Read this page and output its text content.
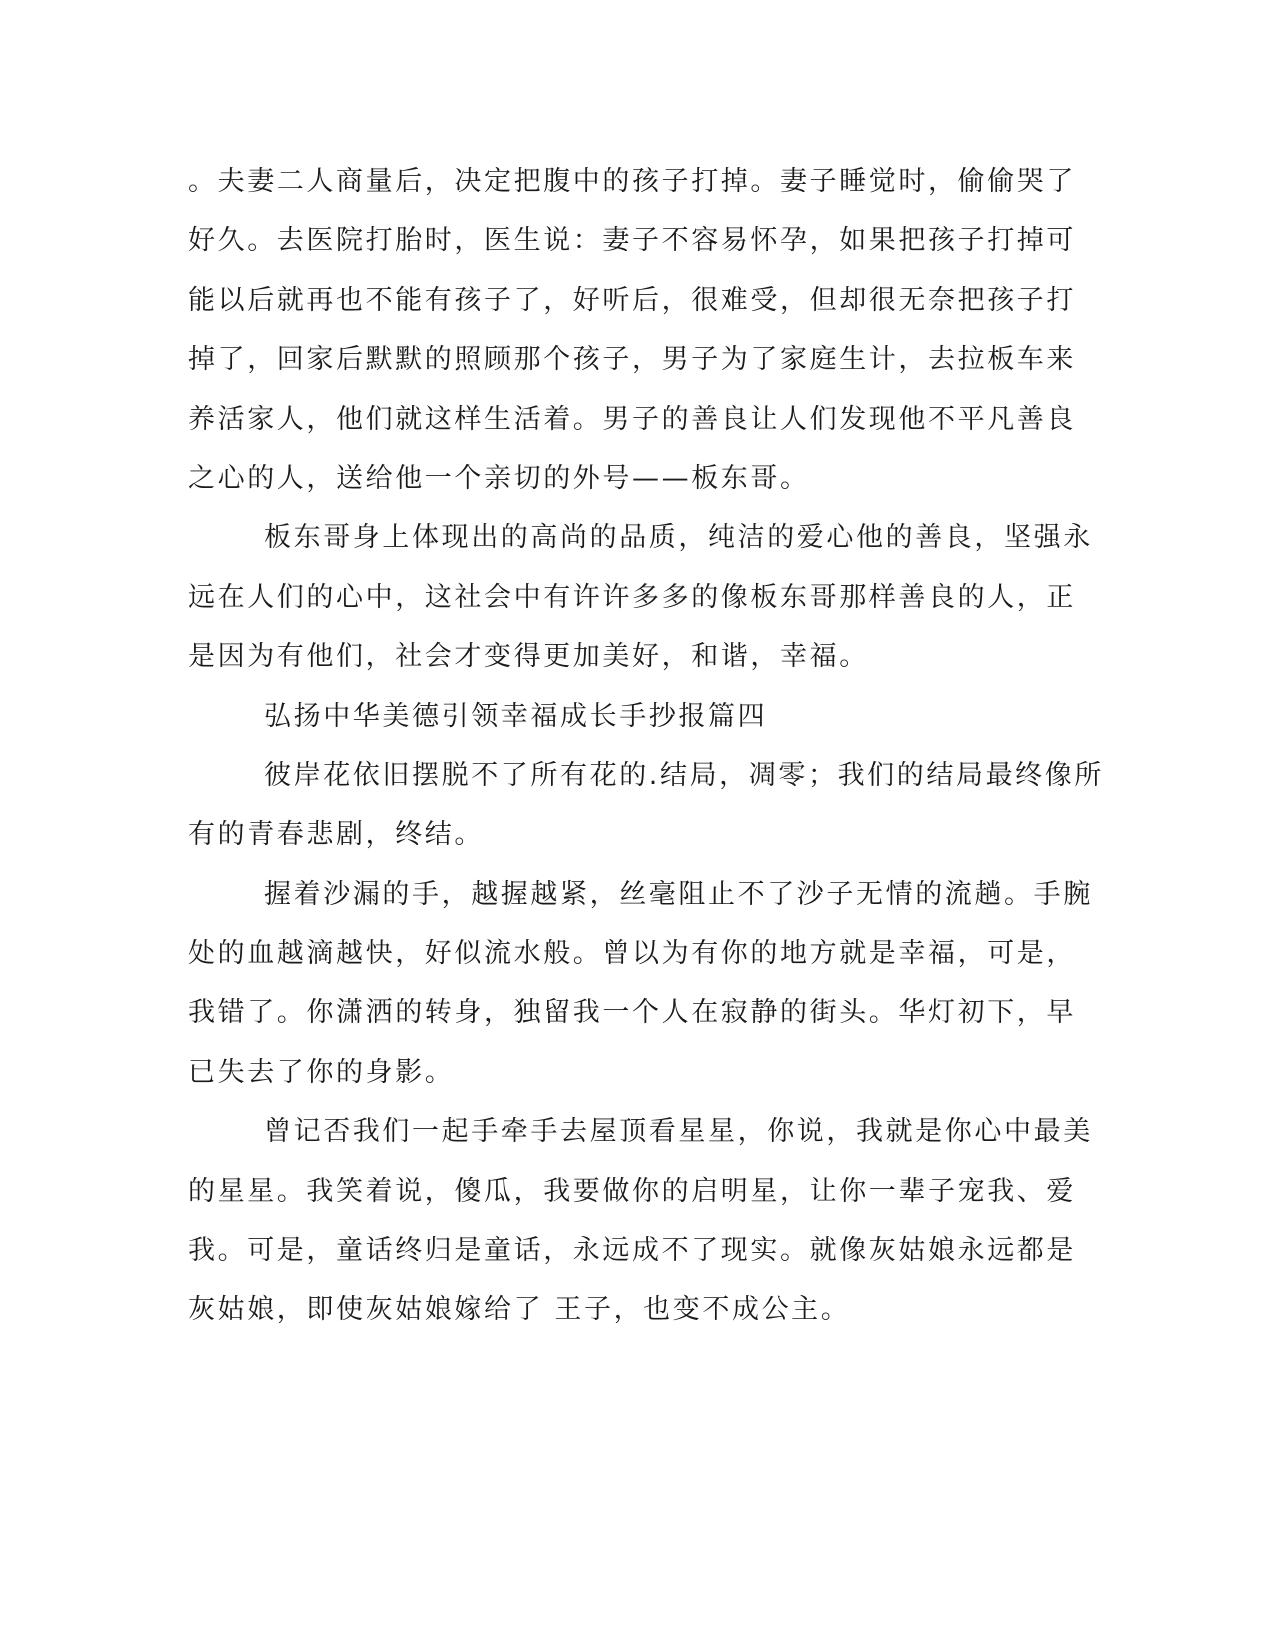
。夫妻二人商量后，决定把腹中的孩子打掉。妻子睡觉时，偷偷哭了
好久。去医院打胎时，医生说：妻子不容易怀孕，如果把孩子打掉可
能以后就再也不能有孩子了，好听后，很难受，但却很无奈把孩子打
掉了，回家后默默的照顾那个孩子，男子为了家庭生计，去拉板车来
养活家人，他们就这样生活着。男子的善良让人们发现他不平凡善良
之心的人，送给他一个亲切的外号——板东哥。
板东哥身上体现出的高尚的品质，纯洁的爱心他的善良，坚强永
远在人们的心中，这社会中有许许多多的像板东哥那样善良的人，正
是因为有他们，社会才变得更加美好，和谐，幸福。
弘扬中华美德引领幸福成长手抄报篇四
彼岸花依旧摆脱不了所有花的.结局，凋零；我们的结局最终像所
有的青春悲剧，终结。
握着沙漏的手，越握越紧，丝毫阻止不了沙子无情的流趟。手腕
处的血越滴越快，好似流水般。曾以为有你的地方就是幸福，可是，
我错了。你潇洒的转身，独留我一个人在寂静的街头。华灯初下，早
已失去了你的身影。
曾记否我们一起手牵手去屋顶看星星，你说，我就是你心中最美
的星星。我笑着说，傻瓜，我要做你的启明星，让你一辈子宠我、爱
我。可是，童话终归是童话，永远成不了现实。就像灰姑娘永远都是
灰姑娘，即使灰姑娘嫁给了 王子，也变不成公主。
